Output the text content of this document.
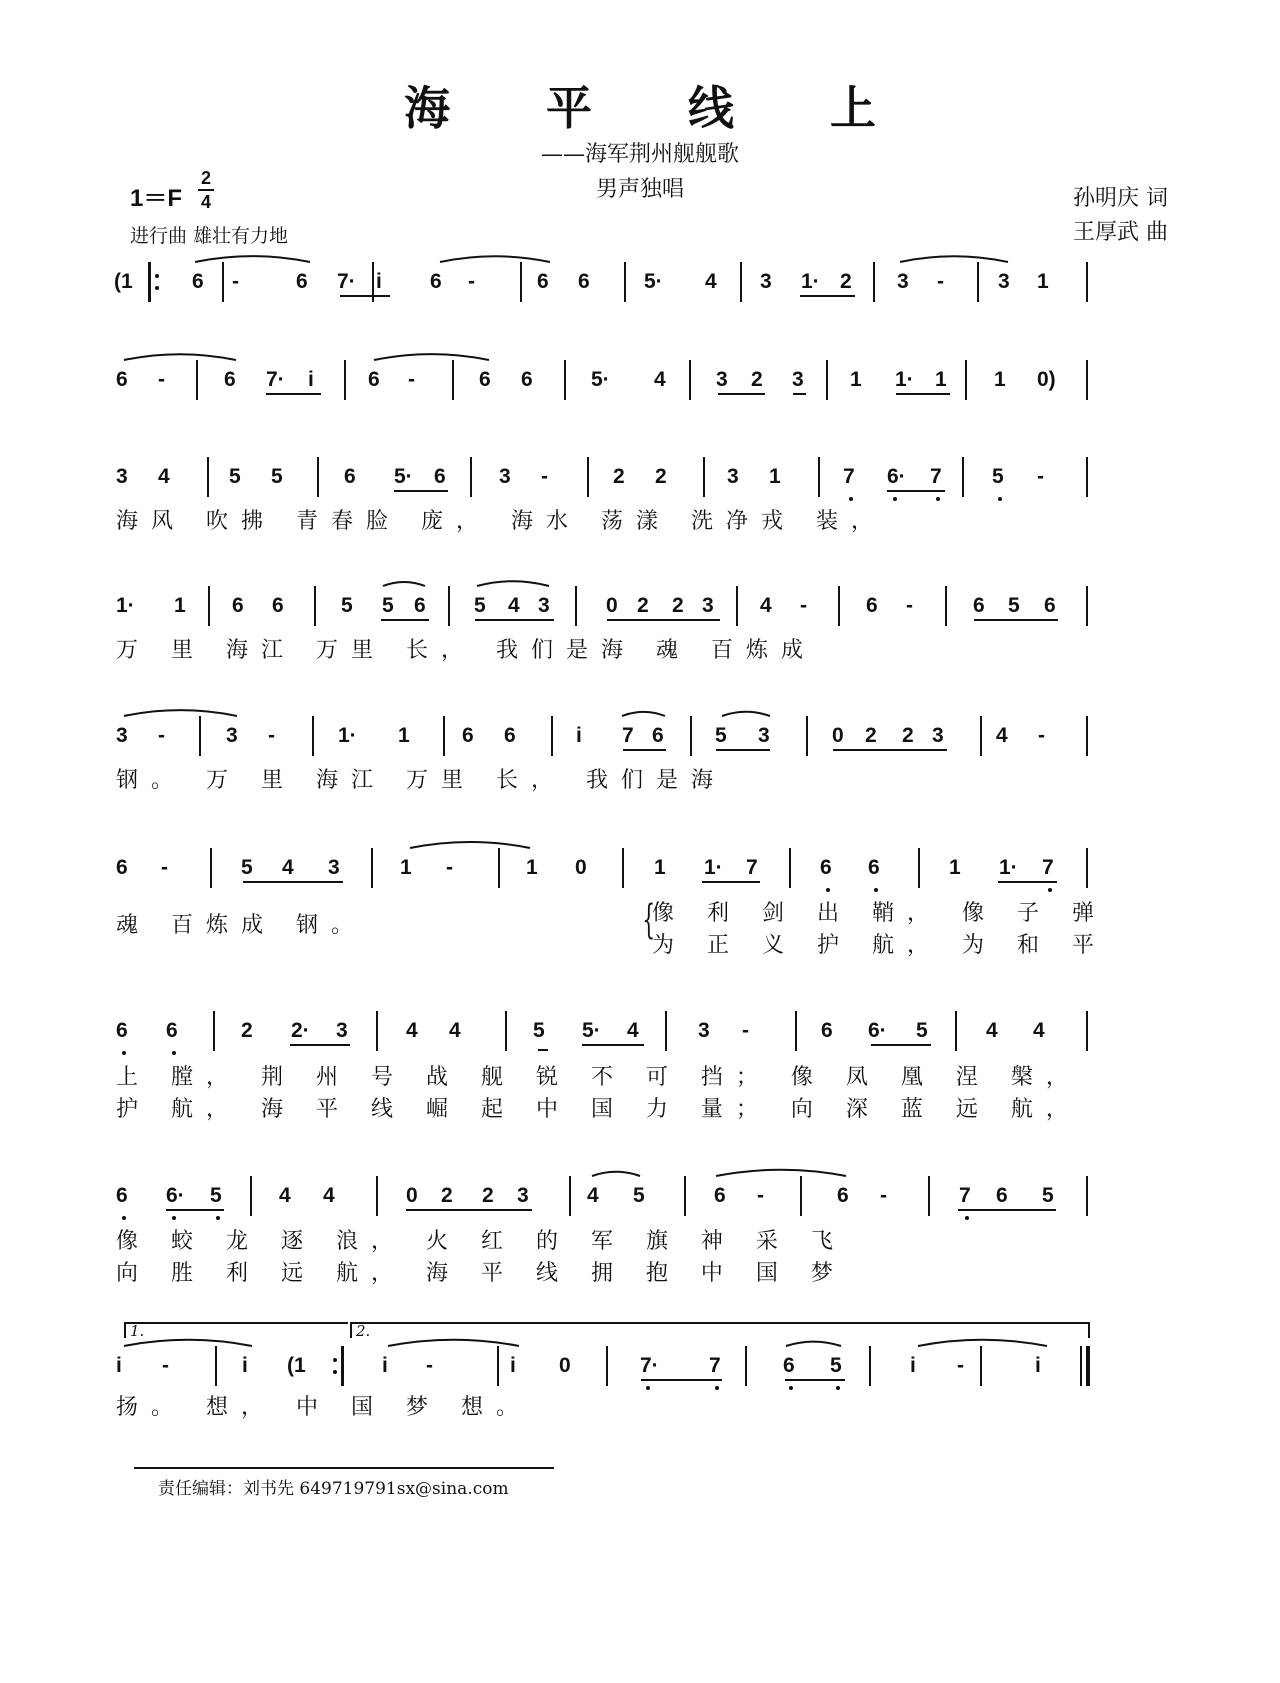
海 平 线 上
——海军荆州舰舰歌
男声独唱
1＝F
2
4
进行曲 雄壮有力地
孙明庆 词
王厚武 曲
(1	6 -	6 7· i 6 -	6 6	5· 4 3 1· 2 3 -	3 1
6 -	6 7· i	6 -	6 6	5· 4 3 2 3 1 1· 1 1 0)
3 4	5 5	6 5· 6	3 -	2 2	3 1	7 6· 7 5 -
海风 吹拂 青春脸 庞， 海水 荡漾 洗净戎 装，
1· 1 6 6	5 5 6 5 4 3	0 2 2 3 4 -	6 -	6 5 6
万 里 海江 万里 长， 我们是海 魂 百炼成
3 -	3 -	1· 1 6 6	i 7 6 5 3	0 2 2 3 4 -
钢。 万 里 海江 万里 长， 我们是海
6 -	5 4 3	1 -	1 0	1 1· 7	6 6	1 1· 7
魂 百炼成 钢。	像 利 剑 出 鞘， 像 子 弹
{
为 正 义 护 航， 为 和 平
6 6	2 2· 3	4 4	5 5· 4	3 -	6 6· 5	4 4
上 膛， 荆 州 号 战 舰 锐 不 可 挡； 像 凤 凰 涅 槃，
护 航， 海 平 线 崛 起 中 国 力 量； 向 深 蓝 远 航，
6 6· 5	4 4	0 2 2 3	4 5	6 -	6 -	7 6 5
像 蛟 龙 逐 浪， 火 红 的 军 旗 神 采 飞
向 胜 利 远 航， 海 平 线 拥 抱 中 国 梦
i -	i (1	i -	i 0	7· 7	6 5	i -	i
扬。 想， 中 国 梦 想。
1.	2.
责任编辑：刘书先 649719791sx@sina.com
